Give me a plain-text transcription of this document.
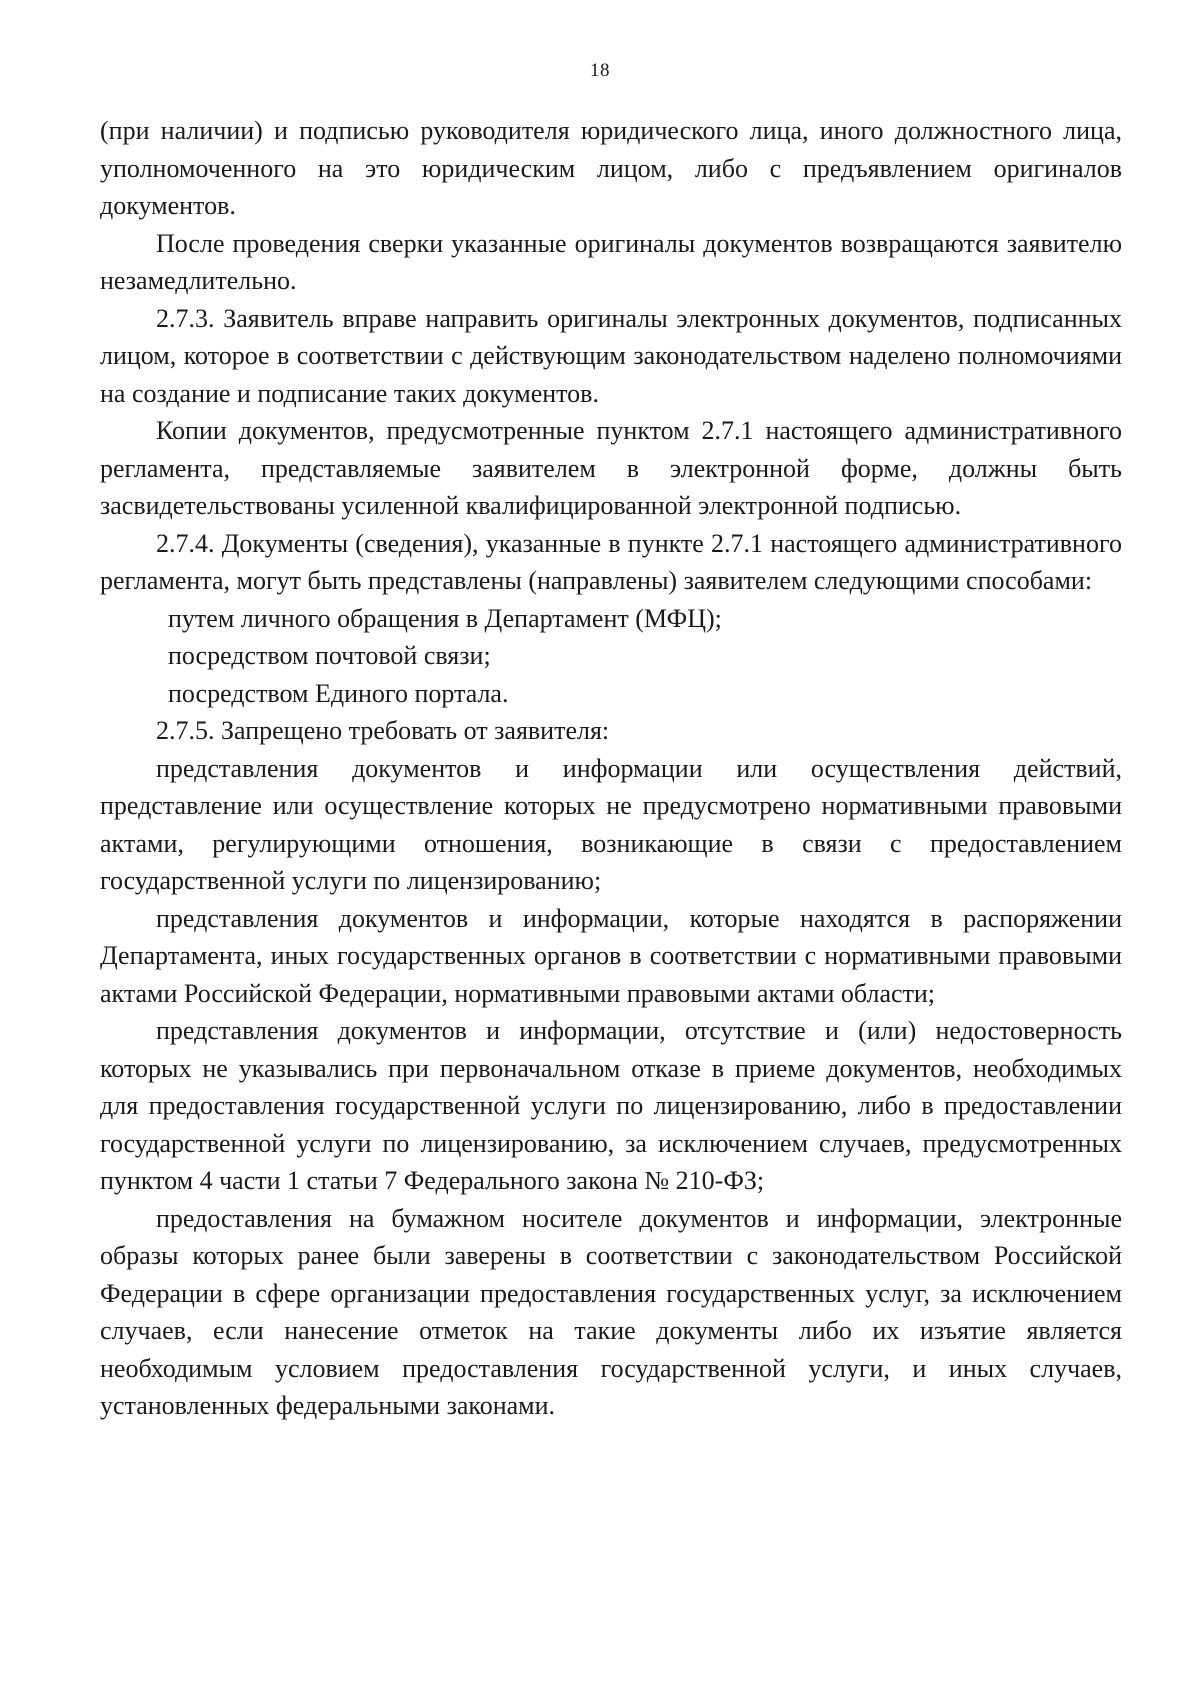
18

(при наличии) и подписью руководителя юридического лица, иного должностного лица, уполномоченного на это юридическим лицом, либо с предъявлением оригиналов документов.

После проведения сверки указанные оригиналы документов возвращаются заявителю незамедлительно.

2.7.3. Заявитель вправе направить оригиналы электронных документов, подписанных лицом, которое в соответствии с действующим законодательством наделено полномочиями на создание и подписание таких документов.

Копии документов, предусмотренные пунктом 2.7.1 настоящего административного регламента, представляемые заявителем в электронной форме, должны быть засвидетельствованы усиленной квалифицированной электронной подписью.

2.7.4. Документы (сведения), указанные в пункте 2.7.1 настоящего административного регламента, могут быть представлены (направлены) заявителем следующими способами:

путем личного обращения в Департамент (МФЦ);

посредством почтовой связи;

посредством Единого портала.

2.7.5. Запрещено требовать от заявителя:

представления документов и информации или осуществления действий, представление или осуществление которых не предусмотрено нормативными правовыми актами, регулирующими отношения, возникающие в связи с предоставлением государственной услуги по лицензированию;

представления документов и информации, которые находятся в распоряжении Департамента, иных государственных органов в соответствии с нормативными правовыми актами Российской Федерации, нормативными правовыми актами области;

представления документов и информации, отсутствие и (или) недостоверность которых не указывались при первоначальном отказе в приеме документов, необходимых для предоставления государственной услуги по лицензированию, либо в предоставлении государственной услуги по лицензированию, за исключением случаев, предусмотренных пунктом 4 части 1 статьи 7 Федерального закона № 210-ФЗ;

предоставления на бумажном носителе документов и информации, электронные образы которых ранее были заверены в соответствии с законодательством Российской Федерации в сфере организации предоставления государственных услуг, за исключением случаев, если нанесение отметок на такие документы либо их изъятие является необходимым условием предоставления государственной услуги, и иных случаев, установленных федеральными законами.
